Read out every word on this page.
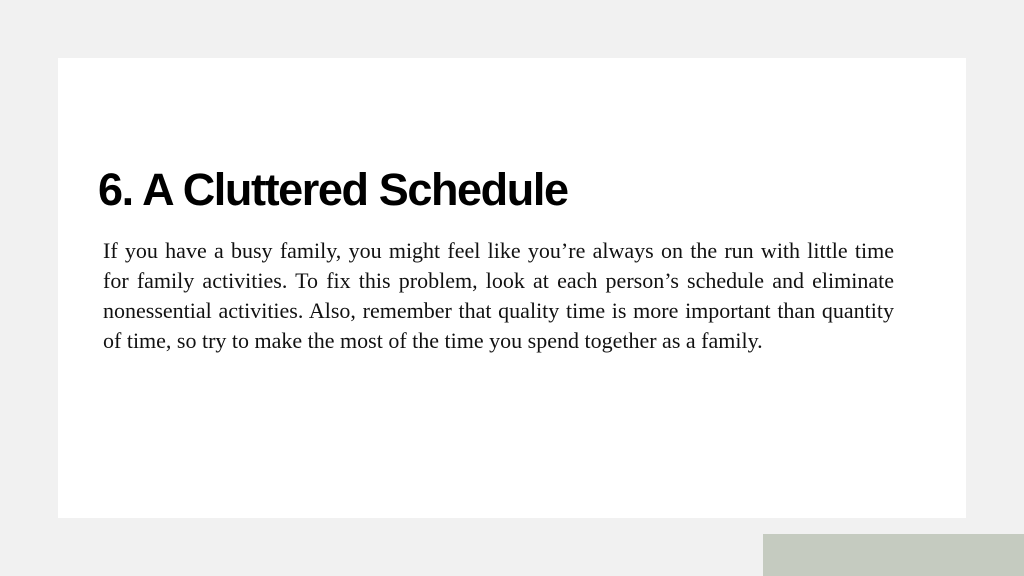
6. A Cluttered Schedule

If you have a busy family, you might feel like you’re always on the run with little time for family activities. To fix this problem, look at each person’s schedule and eliminate nonessential activities. Also, remember that quality time is more important than quantity of time, so try to make the most of the time you spend together as a family.
